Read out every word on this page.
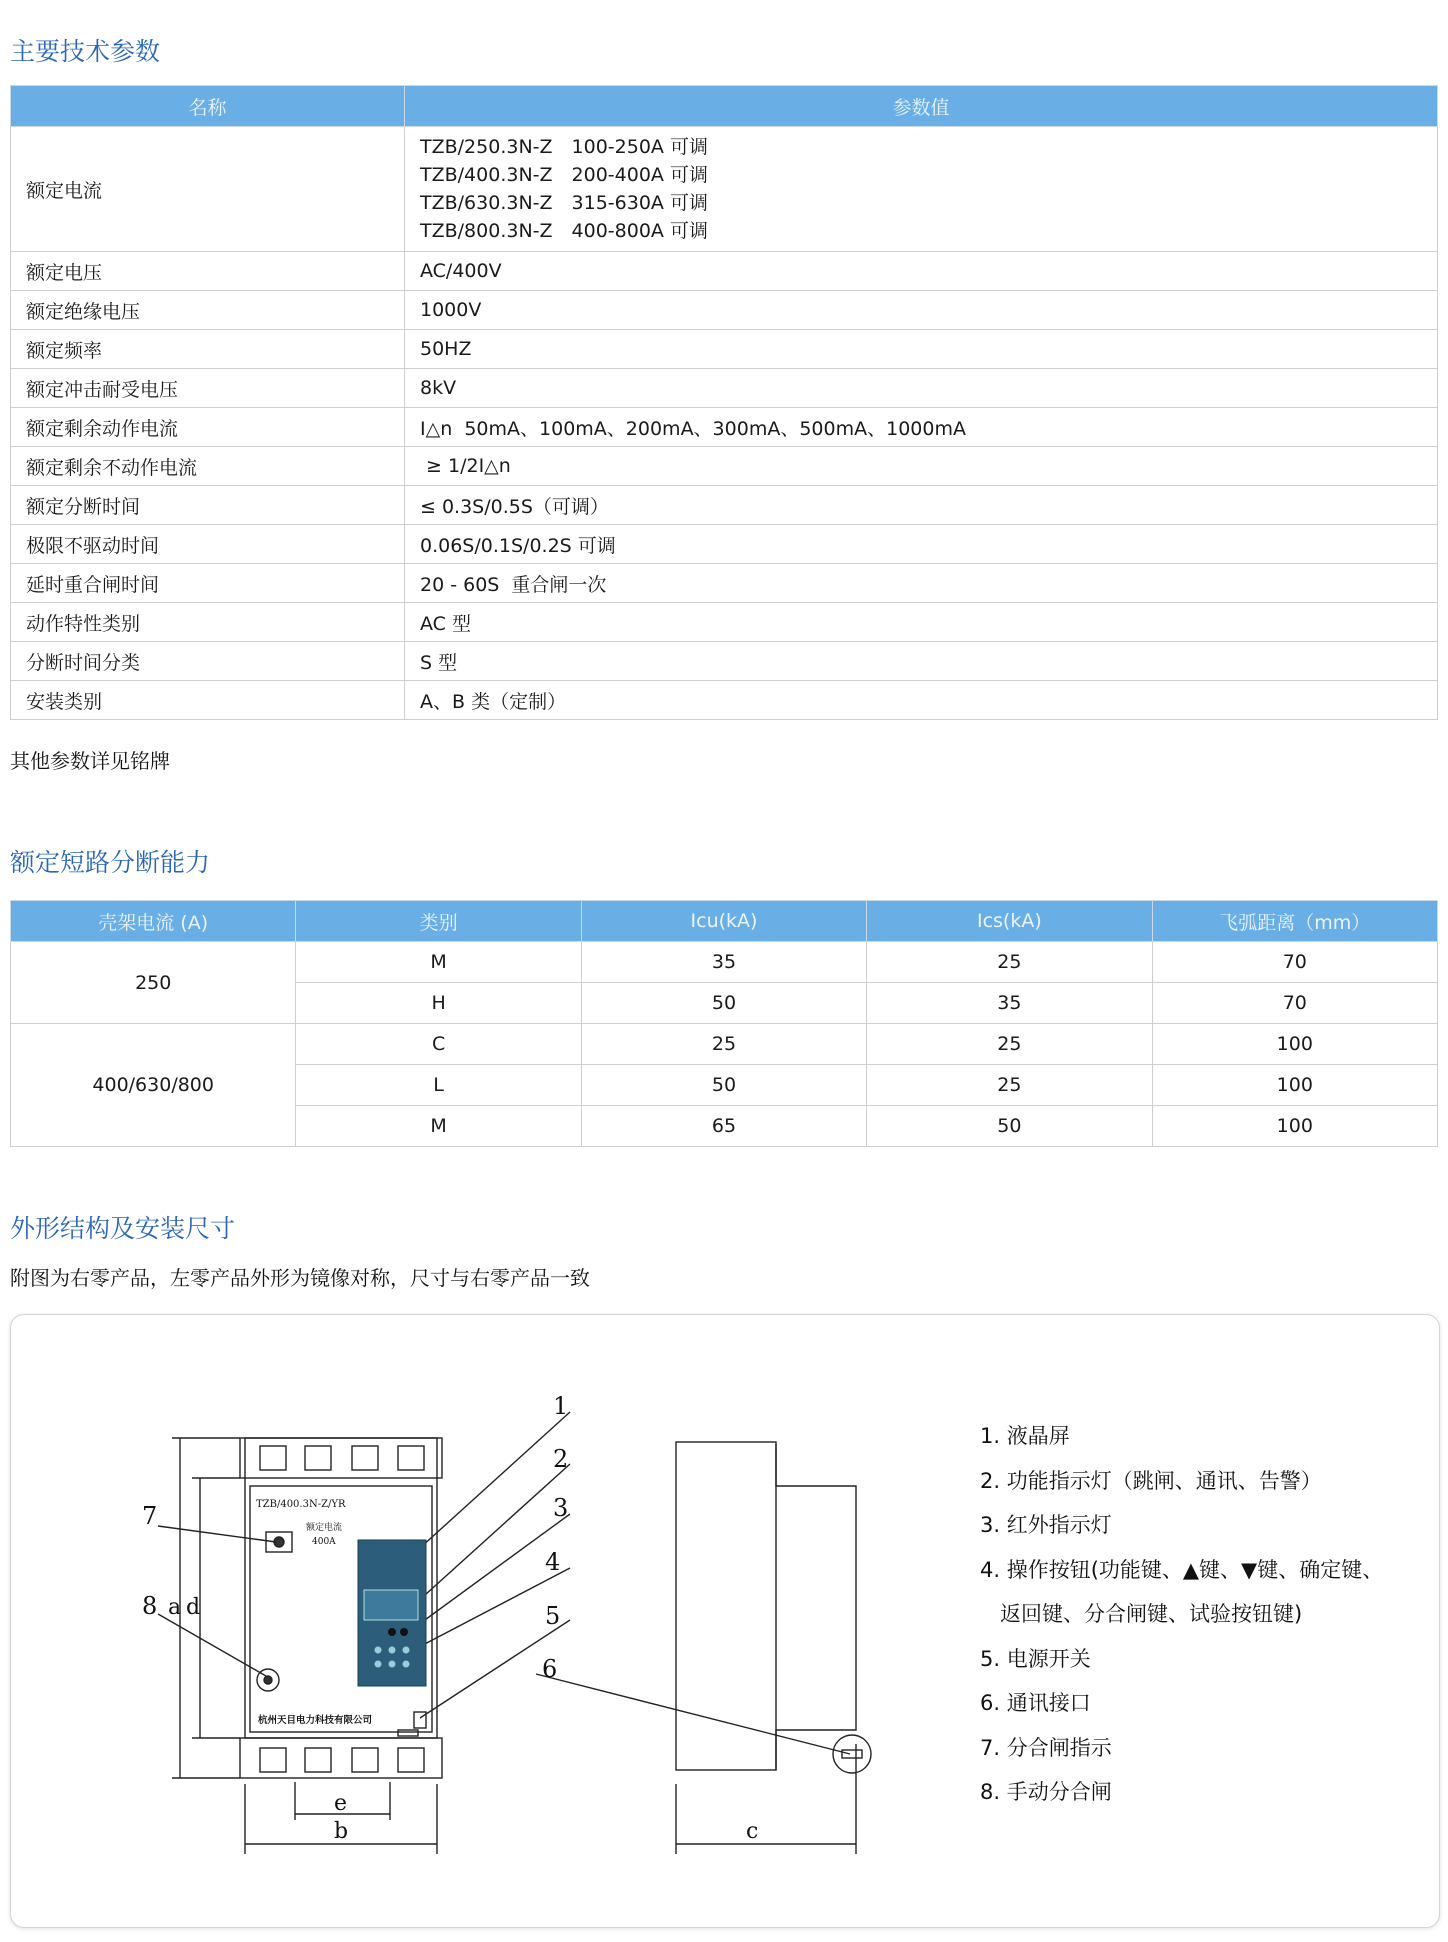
主要技术参数
名称	参数值
额定电流	TZB/250.3N-Z　100-250A 可调
TZB/400.3N-Z　200-400A 可调
TZB/630.3N-Z　315-630A 可调
TZB/800.3N-Z　400-800A 可调

额定电压	AC/400V

额定绝缘电压	1000V

额定频率	50HZ

额定冲击耐受电压	8kV

额定剩余动作电流	I△n  50mA、100mA、200mA、300mA、500mA、1000mA

额定剩余不动作电流	≥ 1/2I△n

额定分断时间	≤ 0.3S/0.5S（可调）

极限不驱动时间	0.06S/0.1S/0.2S 可调

延时重合闸时间	20 - 60S  重合闸一次

动作特性类别	AC 型

分断时间分类	S 型

安装类别	A、B 类（定制）
其他参数详见铭牌
额定短路分断能力
壳架电流 (A)	类别	Icu(kA)	Ics(kA)	飞弧距离（mm）
250	M	35	25	70
	H	50	35	70
400/630/800	C	25	25	100
	L	50	25	100
	M	65	50	100
外形结构及安装尺寸
附图为右零产品，左零产品外形为镜像对称，尺寸与右零产品一致
TZB/400.3N-Z/YR
额定电流
400A
杭州天目电力科技有限公司
1
2
3
4
5
6
7
8 a d
e
b	c
1. 液晶屏
2. 功能指示灯（跳闸、通讯、告警）
3. 红外指示灯
4. 操作按钮(功能键、▲键、▼键、确定键、
返回键、分合闸键、试验按钮键)
5. 电源开关
6. 通讯接口
7. 分合闸指示
8. 手动分合闸
